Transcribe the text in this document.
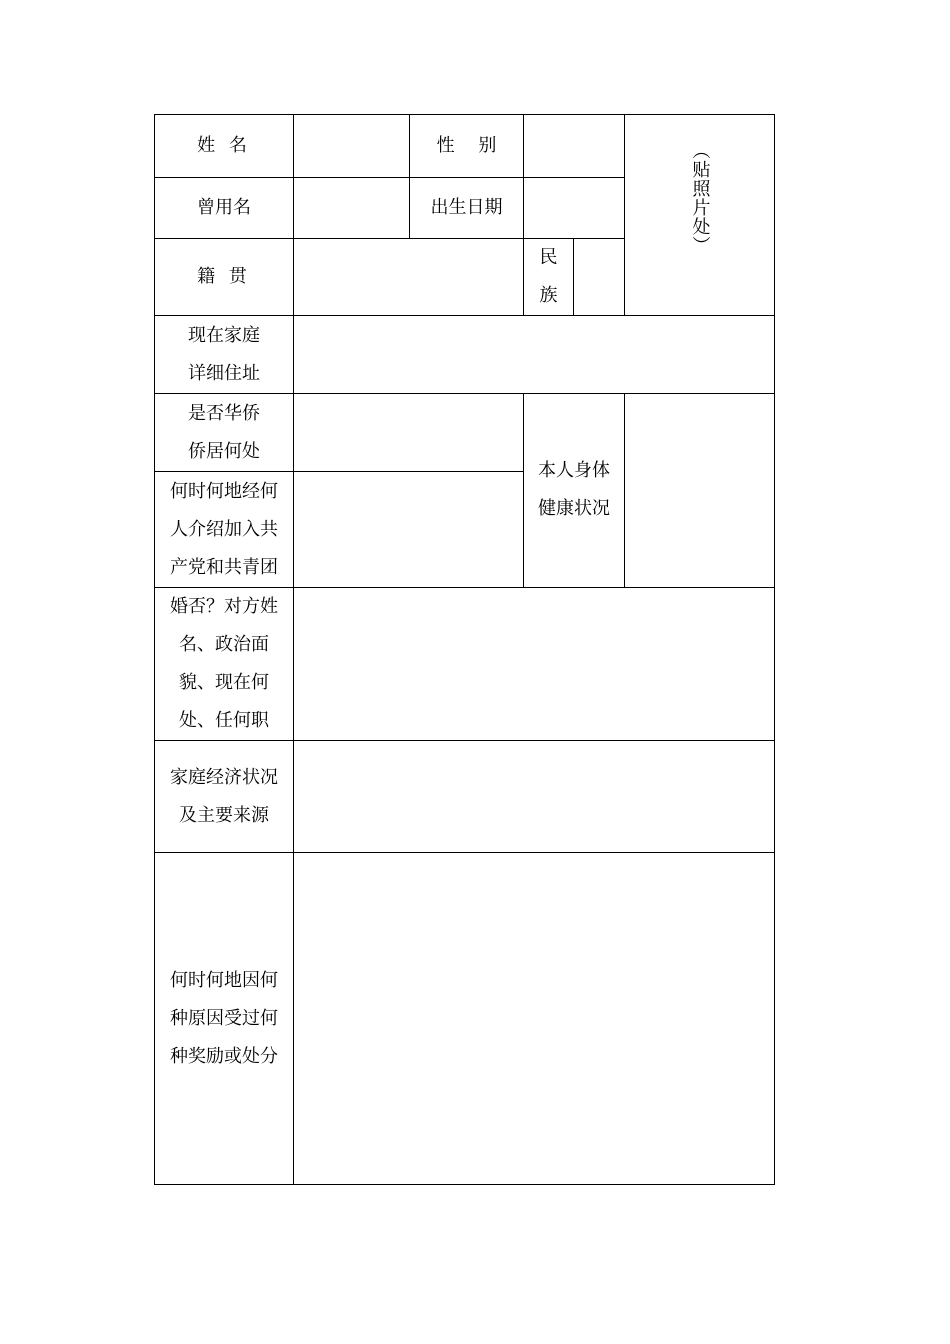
姓 名		性　 别			（贴照片处）
曾用名		出生日期			
籍 贯			民族		
现在家庭详细住址					
是否华侨侨居何处			本人身体健康状况		
何时何地经何人介绍加入共产党和共青团					
婚否？对方姓名、政治面貌、现在何处、任何职					
家庭经济状况及主要来源					
何时何地因何种原因受过何种奖励或处分					
